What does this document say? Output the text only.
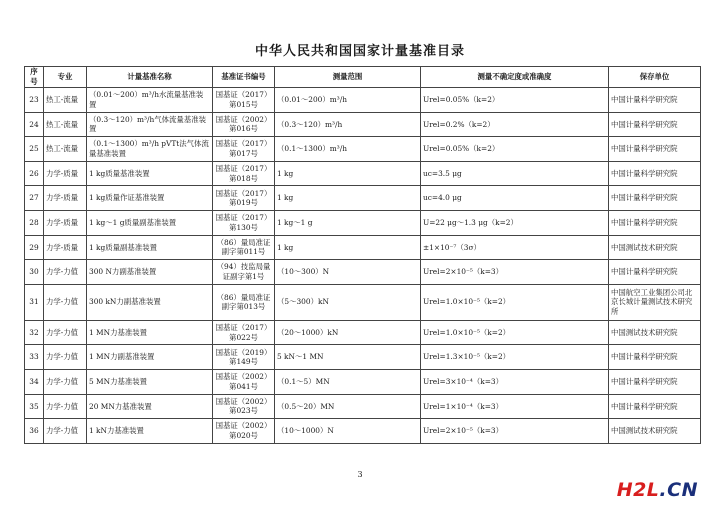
中华人民共和国国家计量基准目录
序号	专业	计量基准名称	基准证书编号	测量范围	测量不确定度或准确度	保存单位
23	热工-流量	（0.01～200）m³/h水流量基准装置	国基证（2017）第015号	（0.01～200）m³/h	Urel=0.05%（k=2）	中国计量科学研究院
24	热工-流量	（0.3～120）m³/h气体流量基准装置	国基证（2002）第016号	（0.3～120）m³/h	Urel=0.2%（k=2）	中国计量科学研究院
25	热工-流量	（0.1～1300）m³/h pVTt法气体流量基准装置	国基证（2017）第017号	（0.1～1300）m³/h	Urel=0.05%（k=2）	中国计量科学研究院
26	力学-质量	1 kg质量基准装置	国基证（2017）第018号	1 kg	uc=3.5 μg	中国计量科学研究院
27	力学-质量	1 kg质量作证基准装置	国基证（2017）第019号	1 kg	uc=4.0 μg	中国计量科学研究院
28	力学-质量	1 kg～1 g质量副基准装置	国基证（2017）第130号	1 kg～1 g	U=22 μg～1.3 μg（k=2）	中国计量科学研究院
29	力学-质量	1 kg质量副基准装置	（86）量局准证副字第011号	1 kg	±1×10⁻⁷（3σ）	中国测试技术研究院
30	力学-力值	300 N力副基准装置	（94）技监局量证副字第1号	（10～300）N	Urel=2×10⁻⁵（k=3）	中国计量科学研究院
31	力学-力值	300 kN力副基准装置	（86）量局准证副字第013号	（5～300）kN	Urel=1.0×10⁻⁵（k=2）	中国航空工业集团公司北京长城计量测试技术研究所
32	力学-力值	1 MN力基准装置	国基证（2017）第022号	（20～1000）kN	Urel=1.0×10⁻⁵（k=2）	中国测试技术研究院
33	力学-力值	1 MN力副基准装置	国基证（2019）第149号	5 kN～1 MN	Urel=1.3×10⁻⁵（k=2）	中国计量科学研究院
34	力学-力值	5 MN力基准装置	国基证（2002）第041号	（0.1～5）MN	Urel=3×10⁻⁴（k=3）	中国计量科学研究院
35	力学-力值	20 MN力基准装置	国基证（2002）第023号	（0.5～20）MN	Urel=1×10⁻⁴（k=3）	中国计量科学研究院
36	力学-力值	1 kN力基准装置	国基证（2002）第020号	（10～1000）N	Urel=2×10⁻⁵（k=3）	中国测试技术研究院
3
H2L.CN
